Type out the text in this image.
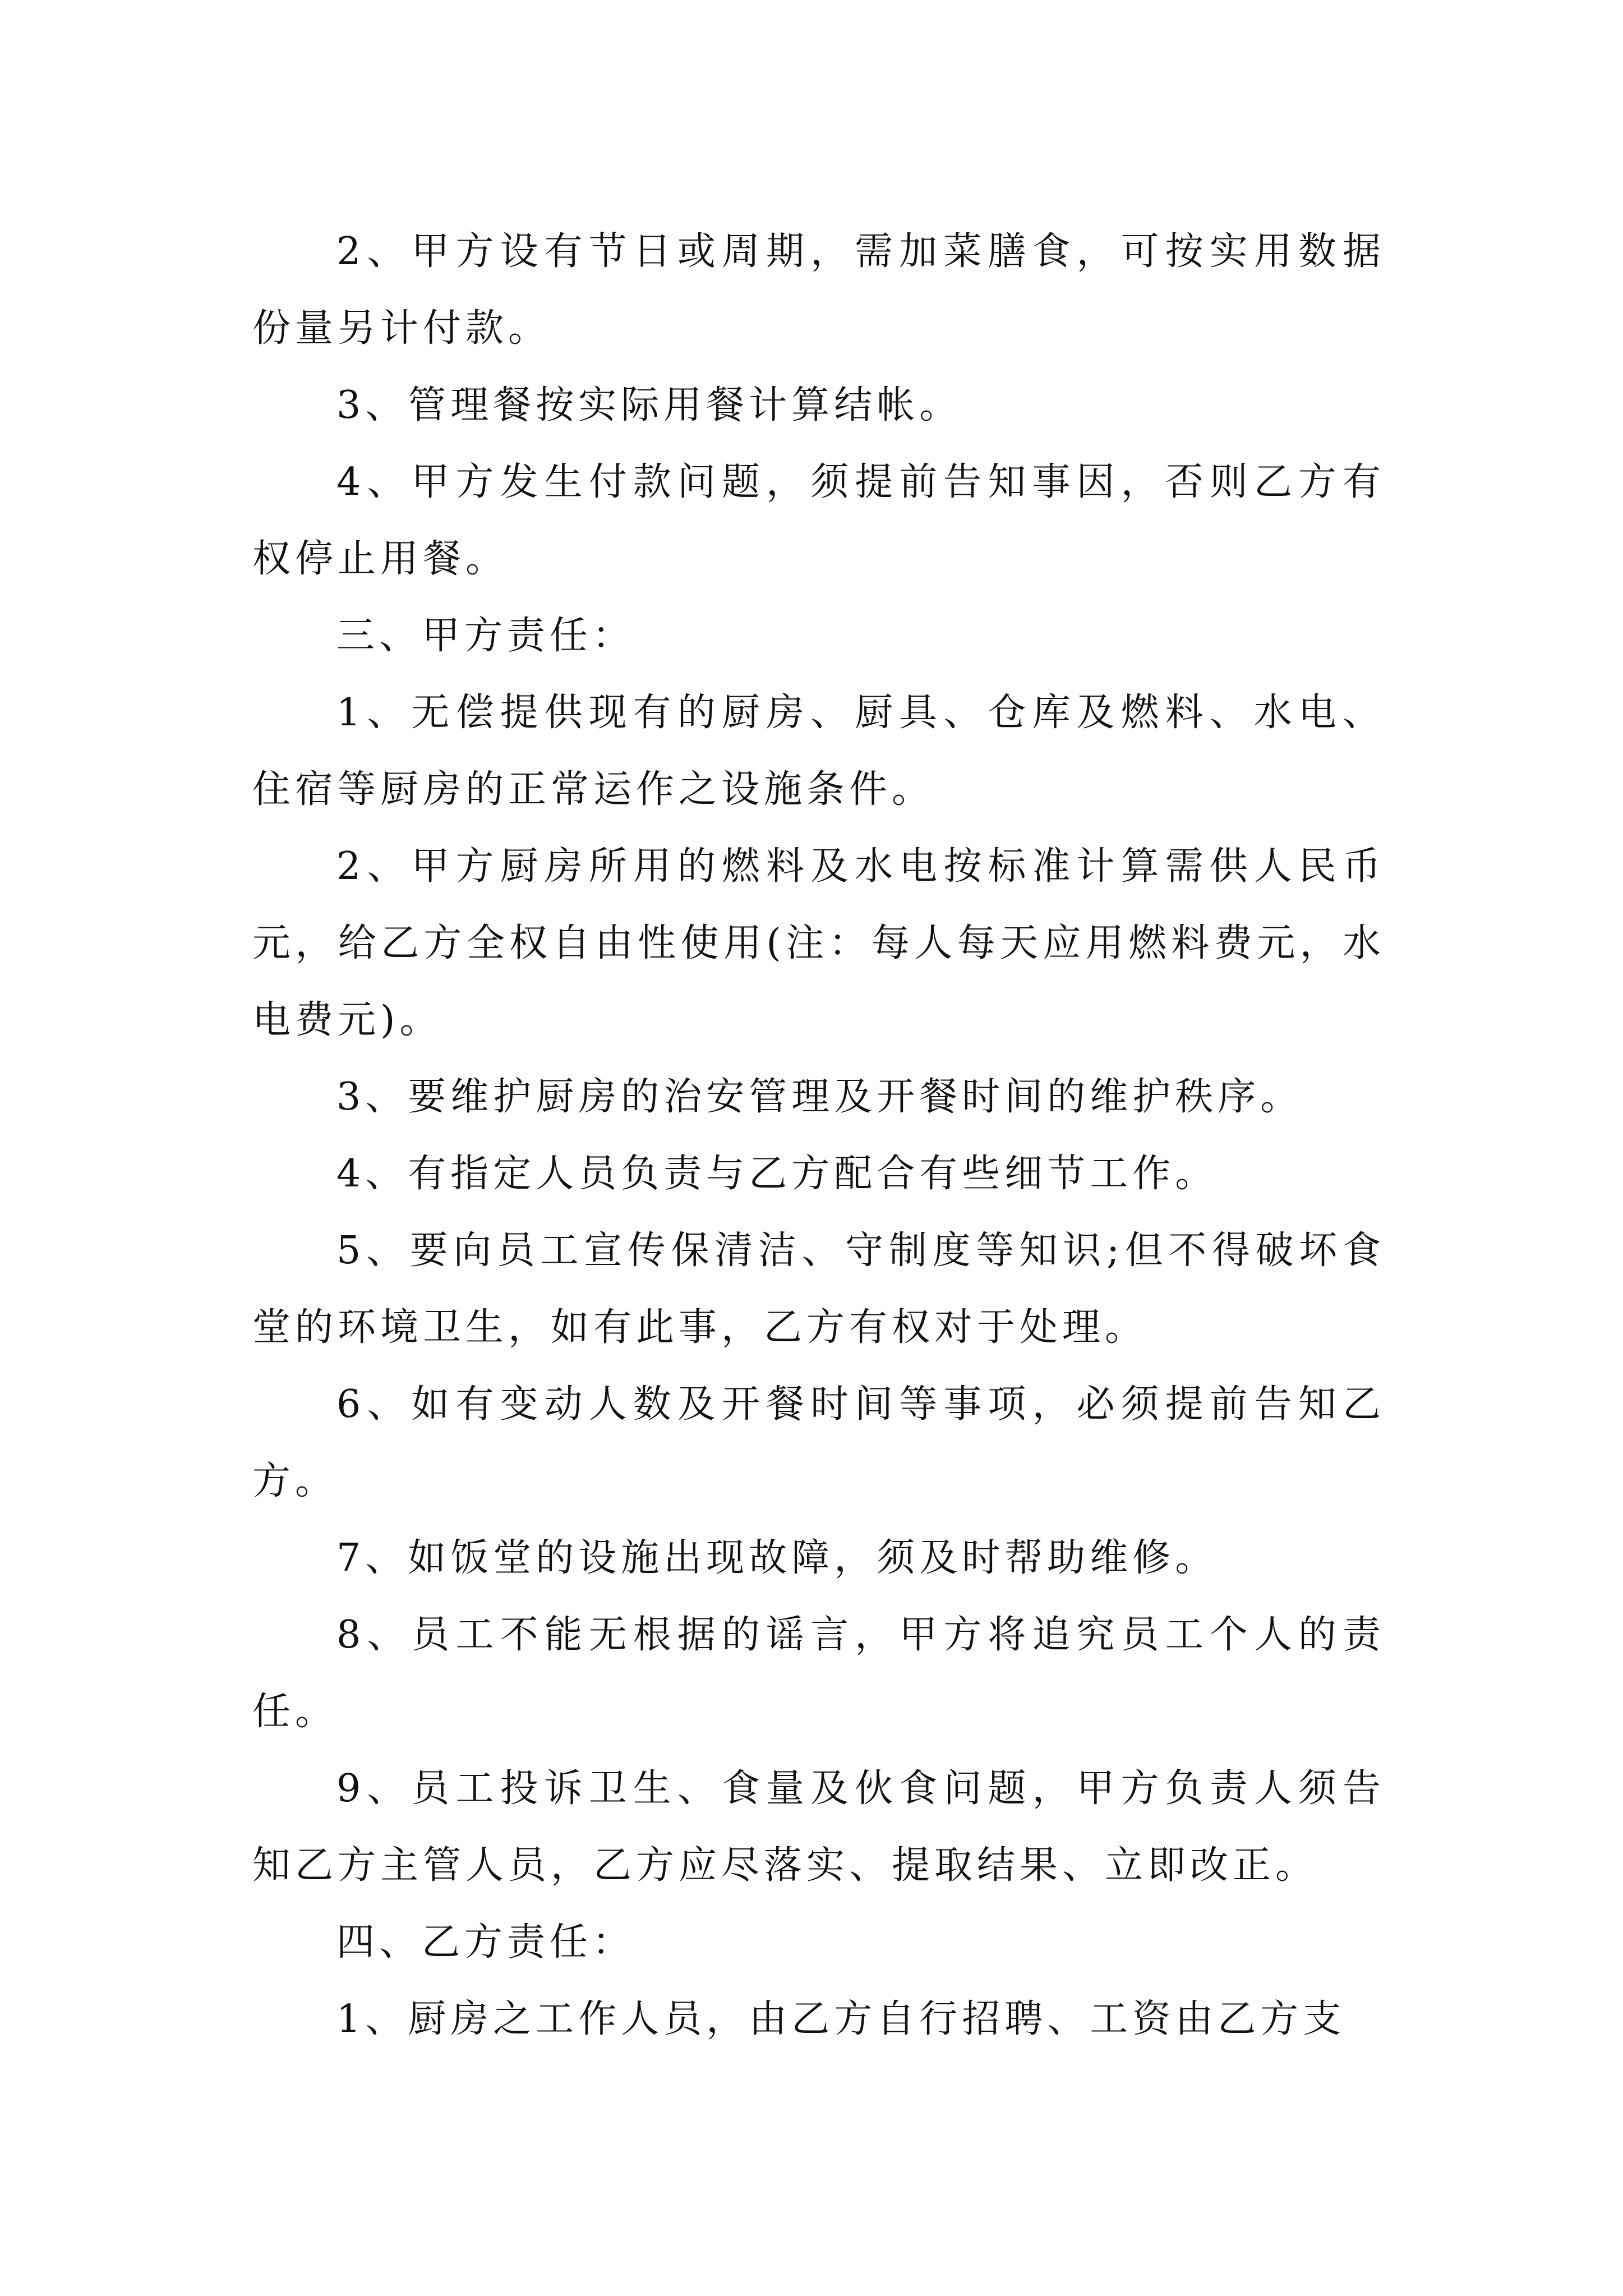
2、甲方设有节日或周期，需加菜膳食，可按实用数据份量另计付款。

3、管理餐按实际用餐计算结帐。

4、甲方发生付款问题，须提前告知事因，否则乙方有权停止用餐。

三、甲方责任：

1、无偿提供现有的厨房、厨具、仓库及燃料、水电、住宿等厨房的正常运作之设施条件。

2、甲方厨房所用的燃料及水电按标准计算需供人民币元，给乙方全权自由性使用(注：每人每天应用燃料费元，水电费元)。

3、要维护厨房的治安管理及开餐时间的维护秩序。

4、有指定人员负责与乙方配合有些细节工作。

5、要向员工宣传保清洁、守制度等知识;但不得破坏食堂的环境卫生，如有此事，乙方有权对于处理。

6、如有变动人数及开餐时间等事项，必须提前告知乙方。

7、如饭堂的设施出现故障，须及时帮助维修。

8、员工不能无根据的谣言，甲方将追究员工个人的责任。

9、员工投诉卫生、食量及伙食问题，甲方负责人须告知乙方主管人员，乙方应尽落实、提取结果、立即改正。

四、乙方责任：

1、厨房之工作人员，由乙方自行招聘、工资由乙方支
